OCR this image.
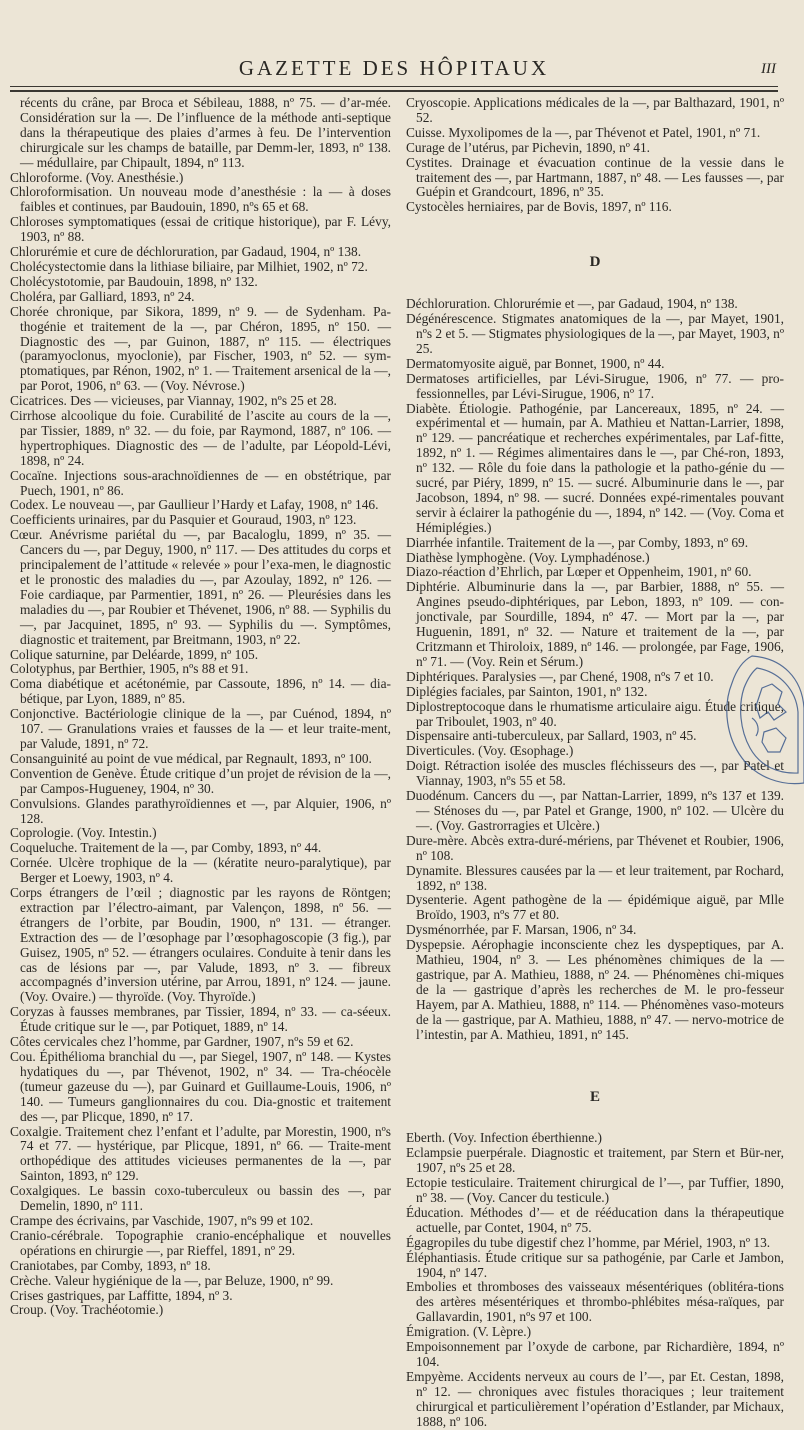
GAZETTE DES HÔPITAUX	III

récents du crâne, par Broca et Sébileau, 1888, nº 75. — d’ar-mée. Considération sur la —. De l’influence de la méthode anti-septique dans la thérapeutique des plaies d’armes à feu. De l’intervention chirurgicale sur les champs de bataille, par Demm-ler, 1893, nº 138. — médullaire, par Chipault, 1894, nº 113.

Chloroforme. (Voy. Anesthésie.)

Chloroformisation. Un nouveau mode d’anesthésie : la — à doses faibles et continues, par Baudouin, 1890, nºs 65 et 68.

Chloroses symptomatiques (essai de critique historique), par F. Lévy, 1903, nº 88.

Chlorurémie et cure de déchloruration, par Gadaud, 1904, nº 138.

Cholécystectomie dans la lithiase biliaire, par Milhiet, 1902, nº 72.

Cholécystotomie, par Baudouin, 1898, nº 132.

Choléra, par Galliard, 1893, nº 24.

Chorée chronique, par Sikora, 1899, nº 9. — de Sydenham. Pa-thogénie et traitement de la —, par Chéron, 1895, nº 150. — Diagnostic des —, par Guinon, 1887, nº 115. — électriques (paramyoclonus, myoclonie), par Fischer, 1903, nº 52. — sym-ptomatiques, par Rénon, 1902, nº 1. — Traitement arsenical de la —, par Porot, 1906, nº 63. — (Voy. Névrose.)

Cicatrices. Des — vicieuses, par Viannay, 1902, nºs 25 et 28.

Cirrhose alcoolique du foie. Curabilité de l’ascite au cours de la —, par Tissier, 1889, nº 32. — du foie, par Raymond, 1887, nº 106. — hypertrophiques. Diagnostic des — de l’adulte, par Léopold-Lévi, 1898, nº 24.

Cocaïne. Injections sous-arachnoïdiennes de — en obstétrique, par Puech, 1901, nº 86.

Codex. Le nouveau —, par Gaullieur l’Hardy et Lafay, 1908, nº 146.

Coefficients urinaires, par du Pasquier et Gouraud, 1903, nº 123.

Cœur. Anévrisme pariétal du —, par Bacaloglu, 1899, nº 35. — Cancers du —, par Deguy, 1900, nº 117. — Des attitudes du corps et principalement de l’attitude « relevée » pour l’exa-men, le diagnostic et le pronostic des maladies du —, par Azoulay, 1892, nº 126. — Foie cardiaque, par Parmentier, 1891, nº 26. — Pleurésies dans les maladies du —, par Roubier et Thévenet, 1906, nº 88. — Syphilis du —, par Jacquinet, 1895, nº 93. — Syphilis du —. Symptômes, diagnostic et traitement, par Breitmann, 1903, nº 22.

Colique saturnine, par Deléarde, 1899, nº 105.

Colotyphus, par Berthier, 1905, nºs 88 et 91.

Coma diabétique et acétonémie, par Cassoute, 1896, nº 14. — dia-bétique, par Lyon, 1889, nº 85.

Conjonctive. Bactériologie clinique de la —, par Cuénod, 1894, nº 107. — Granulations vraies et fausses de la — et leur traite-ment, par Valude, 1891, nº 72.

Consanguinité au point de vue médical, par Regnault, 1893, nº 100.

Convention de Genève. Étude critique d’un projet de révision de la —, par Campos-Hugueney, 1904, nº 30.

Convulsions. Glandes parathyroïdiennes et —, par Alquier, 1906, nº 128.

Coprologie. (Voy. Intestin.)

Coqueluche. Traitement de la —, par Comby, 1893, nº 44.

Cornée. Ulcère trophique de la — (kératite neuro-paralytique), par Berger et Loewy, 1903, nº 4.

Corps étrangers de l’œil ; diagnostic par les rayons de Röntgen; extraction par l’électro-aimant, par Valençon, 1898, nº 56. — étrangers de l’orbite, par Boudin, 1900, nº 131. — étranger. Extraction des — de l’œsophage par l’œsophagoscopie (3 fig.), par Guisez, 1905, nº 52. — étrangers oculaires. Conduite à tenir dans les cas de lésions par —, par Valude, 1893, nº 3. — fibreux accompagnés d’inversion utérine, par Arrou, 1891, nº 124. — jaune. (Voy. Ovaire.) — thyroïde. (Voy. Thyroïde.)

Coryzas à fausses membranes, par Tissier, 1894, nº 33. — ca-séeux. Étude critique sur le —, par Potiquet, 1889, nº 14.

Côtes cervicales chez l’homme, par Gardner, 1907, nºs 59 et 62.

Cou. Épithélioma branchial du —, par Siegel, 1907, nº 148. — Kystes hydatiques du —, par Thévenot, 1902, nº 34. — Tra-chéocèle (tumeur gazeuse du —), par Guinard et Guillaume-Louis, 1906, nº 140. — Tumeurs ganglionnaires du cou. Dia-gnostic et traitement des —, par Plicque, 1890, nº 17.

Coxalgie. Traitement chez l’enfant et l’adulte, par Morestin, 1900, nºs 74 et 77. — hystérique, par Plicque, 1891, nº 66. — Traite-ment orthopédique des attitudes vicieuses permanentes de la —, par Sainton, 1893, nº 129.

Coxalgiques. Le bassin coxo-tuberculeux ou bassin des —, par Demelin, 1890, nº 111.

Crampe des écrivains, par Vaschide, 1907, nºs 99 et 102.

Cranio-cérébrale. Topographie cranio-encéphalique et nouvelles opérations en chirurgie —, par Rieffel, 1891, nº 29.

Craniotabes, par Comby, 1893, nº 18.

Crèche. Valeur hygiénique de la —, par Beluze, 1900, nº 99.

Crises gastriques, par Laffitte, 1894, nº 3.

Croup. (Voy. Trachéotomie.)

Cryoscopie. Applications médicales de la —, par Balthazard, 1901, nº 52.

Cuisse. Myxolipomes de la —, par Thévenot et Patel, 1901, nº 71.

Curage de l’utérus, par Pichevin, 1890, nº 41.

Cystites. Drainage et évacuation continue de la vessie dans le traitement des —, par Hartmann, 1887, nº 48. — Les fausses —, par Guépin et Grandcourt, 1896, nº 35.

Cystocèles herniaires, par de Bovis, 1897, nº 116.

D

Déchloruration. Chlorurémie et —, par Gadaud, 1904, nº 138.

Dégénérescence. Stigmates anatomiques de la —, par Mayet, 1901, nºs 2 et 5. — Stigmates physiologiques de la —, par Mayet, 1903, nº 25.

Dermatomyosite aiguë, par Bonnet, 1900, nº 44.

Dermatoses artificielles, par Lévi-Sirugue, 1906, nº 77. — pro-fessionnelles, par Lévi-Sirugue, 1906, nº 17.

Diabète. Étiologie. Pathogénie, par Lancereaux, 1895, nº 24. — expérimental et — humain, par A. Mathieu et Nattan-Larrier, 1898, nº 129. — pancréatique et recherches expérimentales, par Laf-fitte, 1892, nº 1. — Régimes alimentaires dans le —, par Ché-ron, 1893, nº 132. — Rôle du foie dans la pathologie et la patho-génie du — sucré, par Piéry, 1899, nº 15. — sucré. Albuminurie dans le —, par Jacobson, 1894, nº 98. — sucré. Données expé-rimentales pouvant servir à éclairer la pathogénie du —, 1894, nº 142. — (Voy. Coma et Hémiplégies.)

Diarrhée infantile. Traitement de la —, par Comby, 1893, nº 69.

Diathèse lymphogène. (Voy. Lymphadénose.)

Diazo-réaction d’Ehrlich, par Lœper et Oppenheim, 1901, nº 60.

Diphtérie. Albuminurie dans la —, par Barbier, 1888, nº 55. — Angines pseudo-diphtériques, par Lebon, 1893, nº 109. — con-jonctivale, par Sourdille, 1894, nº 47. — Mort par la —, par Huguenin, 1891, nº 32. — Nature et traitement de la —, par Critzmann et Thiroloix, 1889, nº 146. — prolongée, par Fage, 1906, nº 71. — (Voy. Rein et Sérum.)

Diphtériques. Paralysies —, par Chené, 1908, nºs 7 et 10.

Diplégies faciales, par Sainton, 1901, nº 132.

Diplostreptocoque dans le rhumatisme articulaire aigu. Étude critique, par Triboulet, 1903, nº 40.

Dispensaire anti-tuberculeux, par Sallard, 1903, nº 45.

Diverticules. (Voy. Œsophage.)

Doigt. Rétraction isolée des muscles fléchisseurs des —, par Patel et Viannay, 1903, nºs 55 et 58.

Duodénum. Cancers du —, par Nattan-Larrier, 1899, nºs 137 et 139. — Sténoses du —, par Patel et Grange, 1900, nº 102. — Ulcère du —. (Voy. Gastrorragies et Ulcère.)

Dure-mère. Abcès extra-duré-mériens, par Thévenet et Roubier, 1906, nº 108.

Dynamite. Blessures causées par la — et leur traitement, par Rochard, 1892, nº 138.

Dysenterie. Agent pathogène de la — épidémique aiguë, par Mlle Broïdo, 1903, nºs 77 et 80.

Dysménorrhée, par F. Marsan, 1906, nº 34.

Dyspepsie. Aérophagie inconsciente chez les dyspeptiques, par A. Mathieu, 1904, nº 3. — Les phénomènes chimiques de la — gastrique, par A. Mathieu, 1888, nº 24. — Phénomènes chi-miques de la — gastrique d’après les recherches de M. le pro-fesseur Hayem, par A. Mathieu, 1888, nº 114. — Phénomènes vaso-moteurs de la — gastrique, par A. Mathieu, 1888, nº 47. — nervo-motrice de l’intestin, par A. Mathieu, 1891, nº 145.

E

Eberth. (Voy. Infection éberthienne.)

Eclampsie puerpérale. Diagnostic et traitement, par Stern et Bür-ner, 1907, nºs 25 et 28.

Ectopie testiculaire. Traitement chirurgical de l’—, par Tuffier, 1890, nº 38. — (Voy. Cancer du testicule.)

Éducation. Méthodes d’— et de rééducation dans la thérapeutique actuelle, par Contet, 1904, nº 75.

Égagropiles du tube digestif chez l’homme, par Mériel, 1903, nº 13.

Éléphantiasis. Étude critique sur sa pathogénie, par Carle et Jambon, 1904, nº 147.

Embolies et thromboses des vaisseaux mésentériques (oblitéra-tions des artères mésentériques et thrombo-phlébites mésa-raïques, par Gallavardin, 1901, nºs 97 et 100.

Émigration. (V. Lèpre.)

Empoisonnement par l’oxyde de carbone, par Richardière, 1894, nº 104.

Empyème. Accidents nerveux au cours de l’—, par Et. Cestan, 1898, nº 12. — chroniques avec fistules thoraciques ; leur traitement chirurgical et particulièrement l’opération d’Estlander, par Michaux, 1888, nº 106.
